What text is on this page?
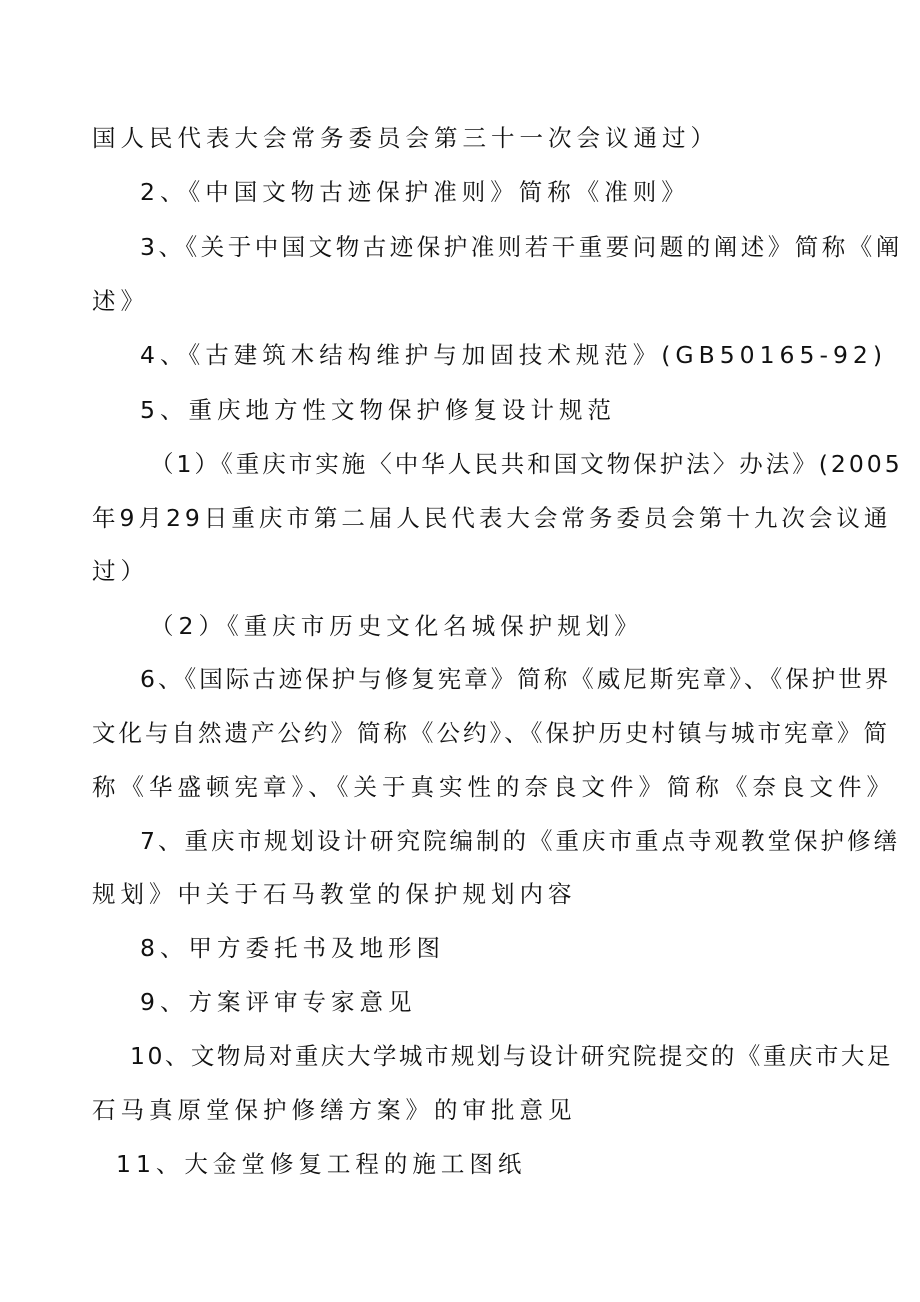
国人民代表大会常务委员会第三十一次会议通过）
2、《中国文物古迹保护准则》简称《准则》
3、《关于中国文物古迹保护准则若干重要问题的阐述》简称《阐
述》
4、《古建筑木结构维护与加固技术规范》(GB50165-92)
5、重庆地方性文物保护修复设计规范
（1）《重庆市实施〈中华人民共和国文物保护法〉办法》(2005
年9月29日重庆市第二届人民代表大会常务委员会第十九次会议通
过）
（2）《重庆市历史文化名城保护规划》
6、《国际古迹保护与修复宪章》简称《威尼斯宪章》、《保护世界
文化与自然遗产公约》简称《公约》、《保护历史村镇与城市宪章》简
称《华盛顿宪章》、《关于真实性的奈良文件》简称《奈良文件》
7、重庆市规划设计研究院编制的《重庆市重点寺观教堂保护修缮
规划》中关于石马教堂的保护规划内容
8、甲方委托书及地形图
9、方案评审专家意见
10、文物局对重庆大学城市规划与设计研究院提交的《重庆市大足
石马真原堂保护修缮方案》的审批意见
11、大金堂修复工程的施工图纸
